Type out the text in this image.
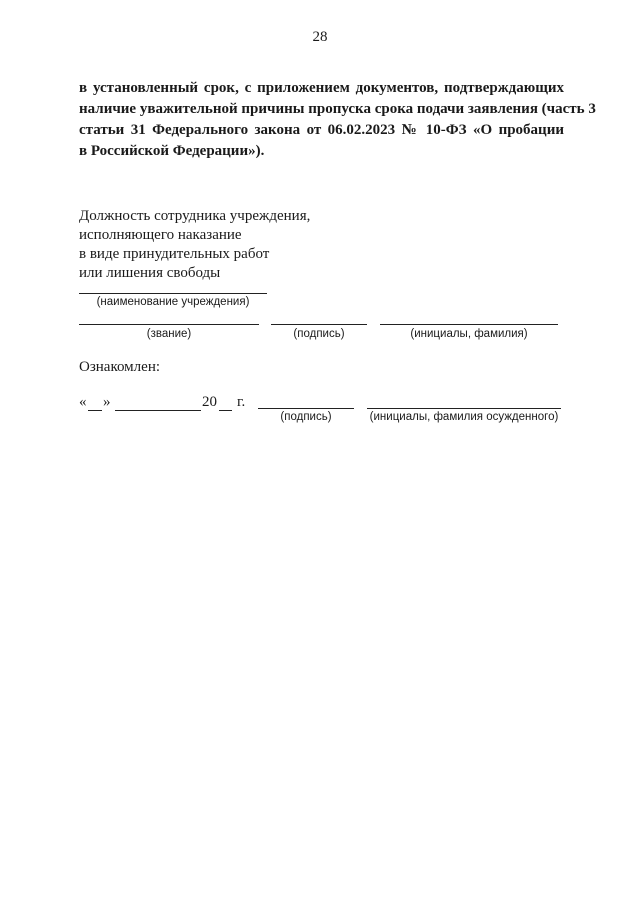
28
в установленный срок, с приложением документов, подтверждающих
наличие уважительной причины пропуска срока подачи заявления (часть 3
статьи 31 Федерального закона от 06.02.2023 № 10-ФЗ «О пробации
в Российской Федерации»).
Должность сотрудника учреждения,
исполняющего наказание
в виде принудительных работ
или лишения свободы
(наименование учреждения)
(звание)	(подпись)	(инициалы, фамилия)
Ознакомлен:
« »	20 г.
(подпись)	(инициалы, фамилия осужденного)
